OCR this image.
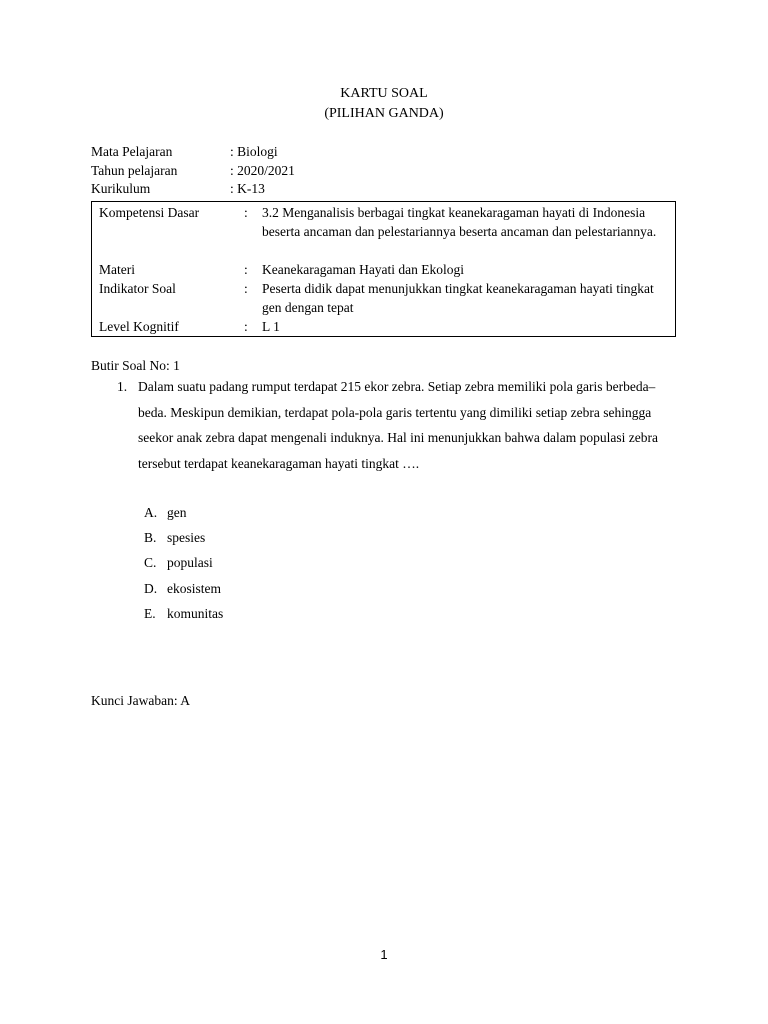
KARTU SOAL
(PILIHAN GANDA)
Mata Pelajaran	: Biologi
Tahun pelajaran	: 2020/2021
Kurikulum	: K-13
Kompetensi Dasar	: 3.2 Menganalisis berbagai tingkat keanekaragaman hayati di Indonesia beserta ancaman dan pelestariannya beserta ancaman dan pelestariannya.
Materi	: Keanekaragaman Hayati dan Ekologi
Indikator Soal	: Peserta didik dapat menunjukkan tingkat keanekaragaman hayati tingkat gen dengan tepat
Level Kognitif	: L 1
Butir Soal No: 1
1. Dalam suatu padang rumput terdapat 215 ekor zebra. Setiap zebra memiliki pola garis berbeda–beda. Meskipun demikian, terdapat pola-pola garis tertentu yang dimiliki setiap zebra sehingga seekor anak zebra dapat mengenali induknya. Hal ini menunjukkan bahwa dalam populasi zebra tersebut terdapat keanekaragaman hayati tingkat ….
A. gen
B. spesies
C. populasi
D. ekosistem
E. komunitas
Kunci Jawaban: A
1
